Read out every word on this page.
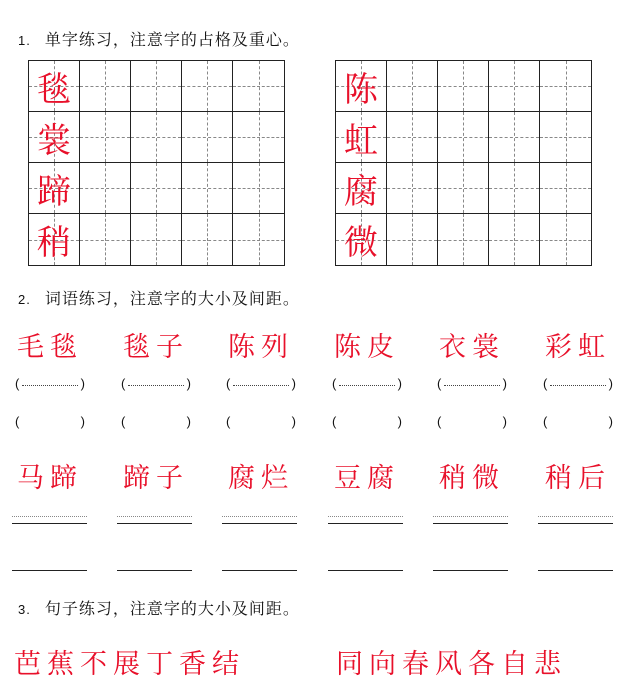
1. 单字练习，注意字的占格及重心。
毯
裳
蹄
稍
陈
虹
腐
微
2. 词语练习，注意字的大小及间距。
毛毯	毯子	陈列	陈皮	衣裳	彩虹
(	)	(	)	(	)	(	)	(	)	(	)
(	)	(	)	(	)	(	)	(	)	(	)
马蹄	蹄子	腐烂	豆腐	稍微	稍后
3. 句子练习，注意字的大小及间距。
芭蕉不展丁香结	同向春风各自悲
